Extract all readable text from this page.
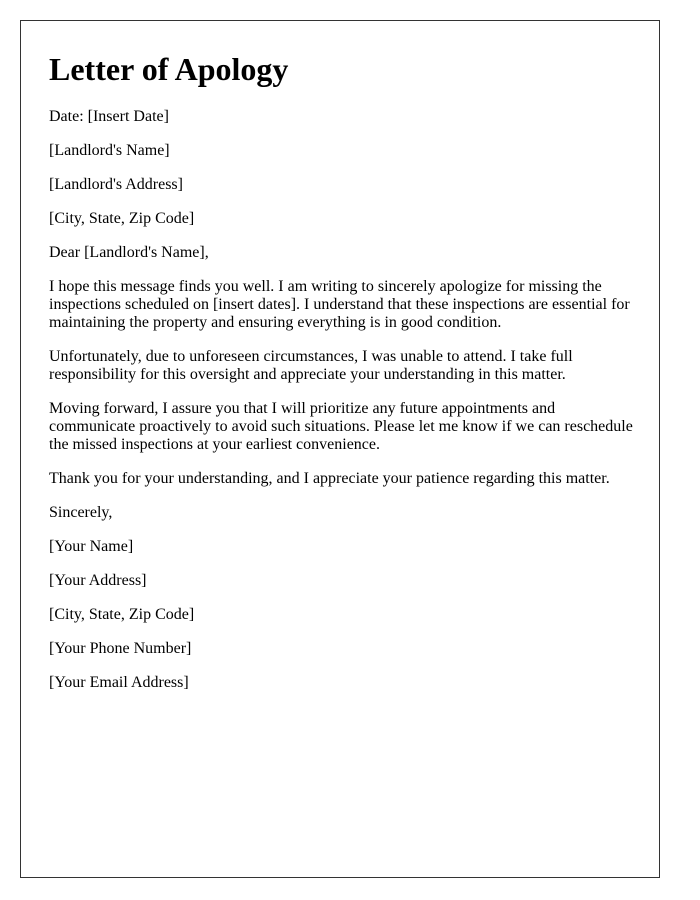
Letter of Apology

Date: [Insert Date]

[Landlord's Name]

[Landlord's Address]

[City, State, Zip Code]

Dear [Landlord's Name],

I hope this message finds you well. I am writing to sincerely apologize for missing the inspections scheduled on [insert dates]. I understand that these inspections are essential for maintaining the property and ensuring everything is in good condition.

Unfortunately, due to unforeseen circumstances, I was unable to attend. I take full responsibility for this oversight and appreciate your understanding in this matter.

Moving forward, I assure you that I will prioritize any future appointments and communicate proactively to avoid such situations. Please let me know if we can reschedule the missed inspections at your earliest convenience.

Thank you for your understanding, and I appreciate your patience regarding this matter.

Sincerely,

[Your Name]

[Your Address]

[City, State, Zip Code]

[Your Phone Number]

[Your Email Address]
